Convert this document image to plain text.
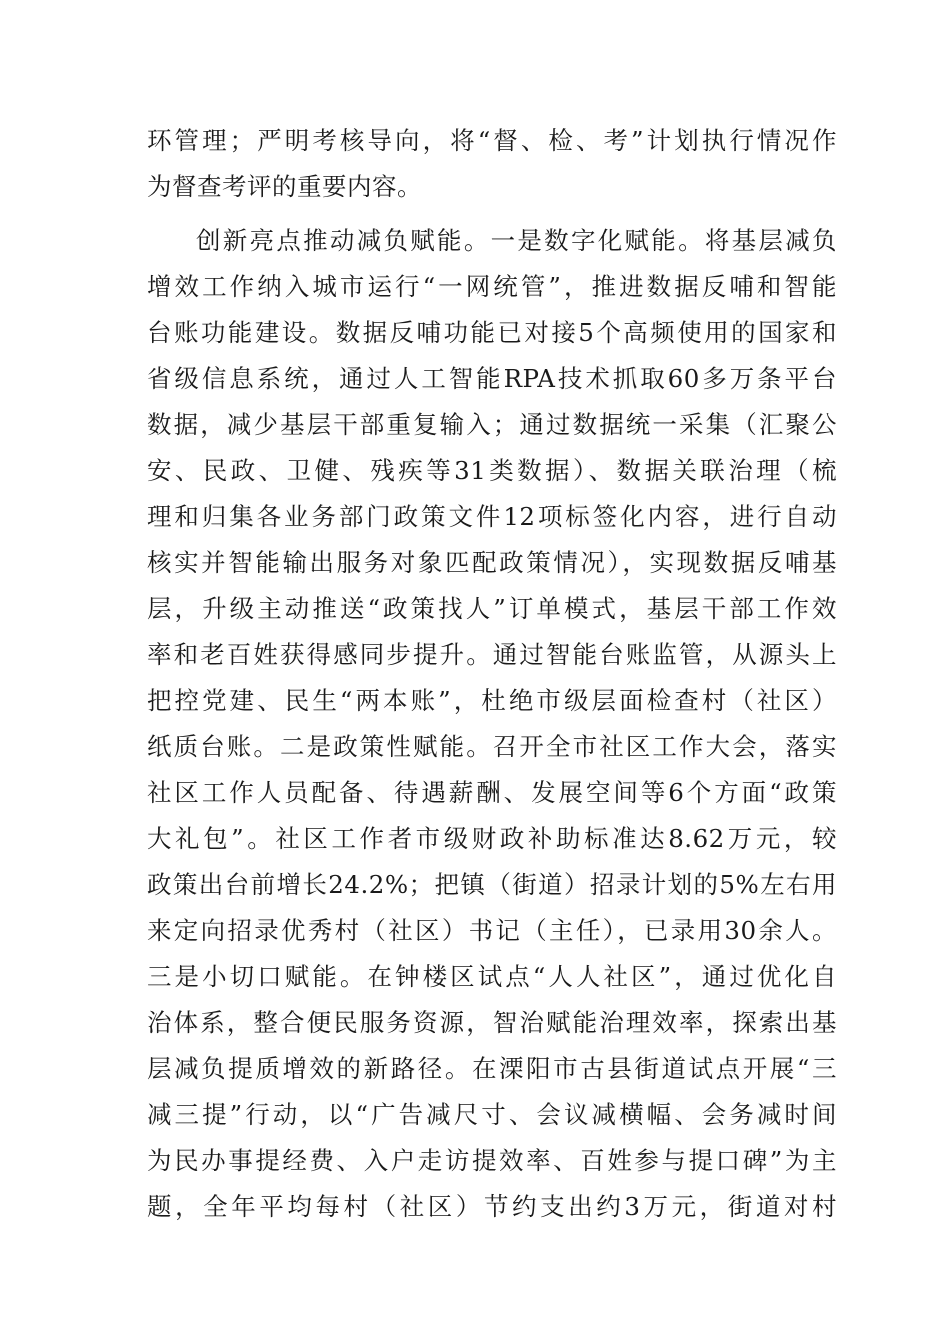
环管理；严明考核导向，将“督、检、考”计划执行情况作
为督查考评的重要内容。
创新亮点推动减负赋能。一是数字化赋能。将基层减负
增效工作纳入城市运行“一网统管”，推进数据反哺和智能
台账功能建设。数据反哺功能已对接5个高频使用的国家和
省级信息系统，通过人工智能RPA技术抓取60多万条平台
数据，减少基层干部重复输入；通过数据统一采集（汇聚公
安、民政、卫健、残疾等31类数据）、数据关联治理（梳
理和归集各业务部门政策文件12项标签化内容，进行自动
核实并智能输出服务对象匹配政策情况），实现数据反哺基
层，升级主动推送“政策找人”订单模式，基层干部工作效
率和老百姓获得感同步提升。通过智能台账监管，从源头上
把控党建、民生“两本账”，杜绝市级层面检查村（社区）
纸质台账。二是政策性赋能。召开全市社区工作大会，落实
社区工作人员配备、待遇薪酬、发展空间等6个方面“政策
大礼包”。社区工作者市级财政补助标准达8.62万元，较
政策出台前增长24.2%；把镇（街道）招录计划的5%左右用
来定向招录优秀村（社区）书记（主任），已录用30余人。
三是小切口赋能。在钟楼区试点“人人社区”，通过优化自
治体系，整合便民服务资源，智治赋能治理效率，探索出基
层减负提质增效的新路径。在溧阳市古县街道试点开展“三
减三提”行动，以“广告减尺寸、会议减横幅、会务减时间
为民办事提经费、入户走访提效率、百姓参与提口碑”为主
题，全年平均每村（社区）节约支出约3万元，街道对村
